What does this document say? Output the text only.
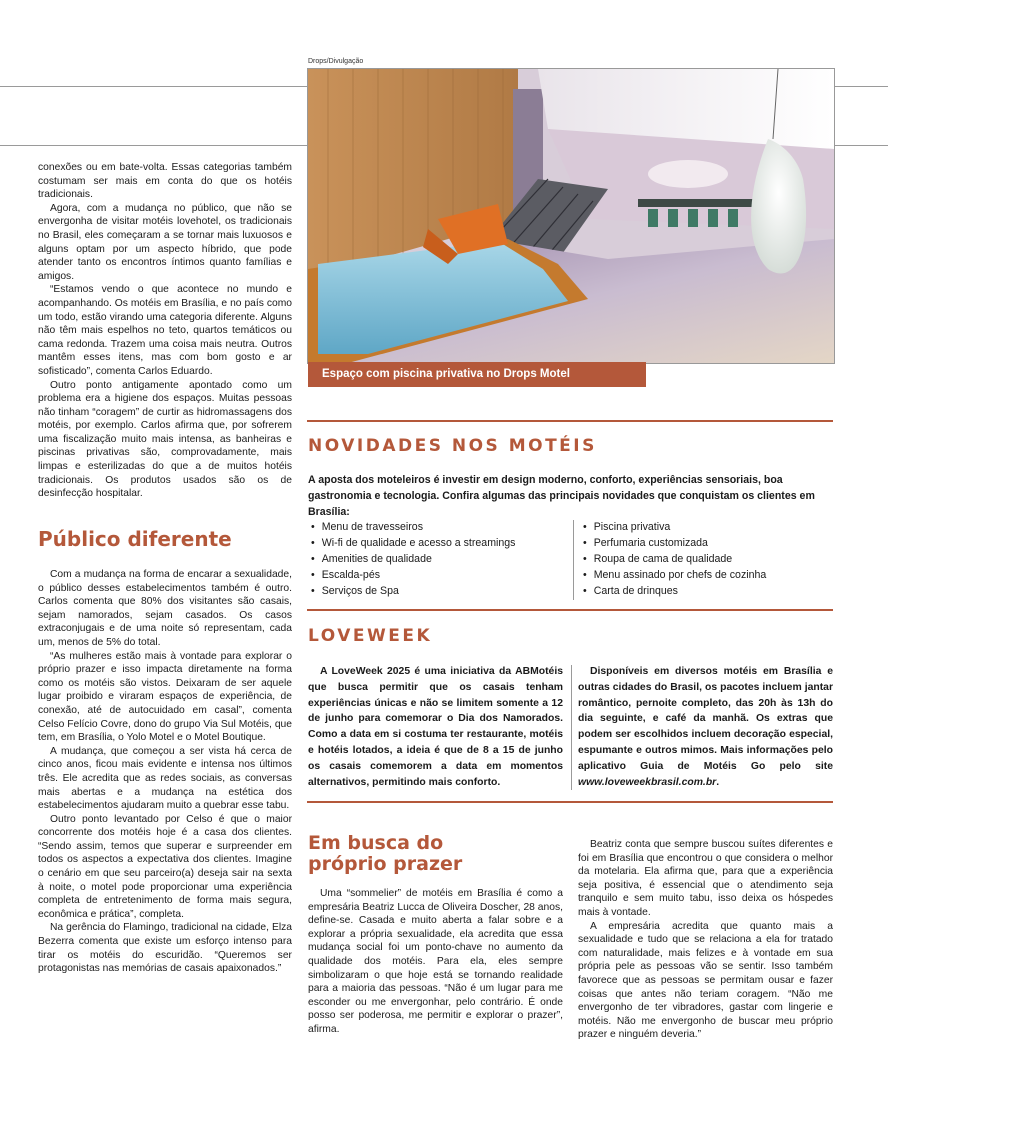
Drops/Divulgação
Espaço com piscina privativa no Drops Motel

conexões ou em bate-volta. Essas categorias também costumam ser mais em conta do que os hotéis tradicionais.

Agora, com a mudança no público, que não se envergonha de visitar motéis lovehotel, os tradicionais no Brasil, eles começaram a se tornar mais luxuosos e alguns optam por um aspecto híbrido, que pode atender tanto os encontros íntimos quanto famílias e amigos.

“Estamos vendo o que acontece no mundo e acompanhando. Os motéis em Brasília, e no país como um todo, estão virando uma categoria diferente. Alguns não têm mais espelhos no teto, quartos temáticos ou cama redonda. Trazem uma coisa mais neutra. Outros mantêm esses itens, mas com bom gosto e ar sofisticado”, comenta Carlos Eduardo.

Outro ponto antigamente apontado como um problema era a higiene dos espaços. Muitas pessoas não tinham “coragem” de curtir as hidromassagens dos motéis, por exemplo. Carlos afirma que, por sofrerem uma fiscalização muito mais intensa, as banheiras e piscinas privativas são, comprovadamente, mais limpas e esterilizadas do que a de muitos hotéis tradicionais. Os produtos usados são os de desinfecção hospitalar.

Público diferente

Com a mudança na forma de encarar a sexualidade, o público desses estabelecimentos também é outro. Carlos comenta que 80% dos visitantes são casais, sejam namorados, sejam casados. Os casos extraconjugais e de uma noite só representam, cada um, menos de 5% do total.

“As mulheres estão mais à vontade para explorar o próprio prazer e isso impacta diretamente na forma como os motéis são vistos. Deixaram de ser aquele lugar proibido e viraram espaços de experiência, de conexão, até de autocuidado em casal”, comenta Celso Felício Covre, dono do grupo Via Sul Motéis, que tem, em Brasília, o Yolo Motel e o Motel Boutique.

A mudança, que começou a ser vista há cerca de cinco anos, ficou mais evidente e intensa nos últimos três. Ele acredita que as redes sociais, as conversas mais abertas e a mudança na estética dos estabelecimentos ajudaram muito a quebrar esse tabu.

Outro ponto levantado por Celso é que o maior concorrente dos motéis hoje é a casa dos clientes. “Sendo assim, temos que superar e surpreender em todos os aspectos a expectativa dos clientes. Imagine o cenário em que seu parceiro(a) deseja sair na sexta à noite, o motel pode proporcionar uma experiência completa de entretenimento de forma mais segura, econômica e prática”, completa.

Na gerência do Flamingo, tradicional na cidade, Elza Bezerra comenta que existe um esforço intenso para tirar os motéis do escuridão. “Queremos ser protagonistas nas memórias de casais apaixonados.”

NOVIDADES NOS MOTÉIS
A aposta dos moteleiros é investir em design moderno, conforto, experiências sensoriais, boa gastronomia e tecnologia. Confira algumas das principais novidades que conquistam os clientes em Brasília:
• Menu de travesseiros
• Wi-fi de qualidade e acesso a streamings
• Amenities de qualidade
• Escalda-pés
• Serviços de Spa
• Piscina privativa
• Perfumaria customizada
• Roupa de cama de qualidade
• Menu assinado por chefs de cozinha
• Carta de drinques
LOVEWEEK
A LoveWeek 2025 é uma iniciativa da ABMotéis que busca permitir que os casais tenham experiências únicas e não se limitem somente a 12 de junho para comemorar o Dia dos Namorados. Como a data em si costuma ter restaurante, motéis e hotéis lotados, a ideia é que de 8 a 15 de junho os casais comemorem a data em momentos alternativos, permitindo mais conforto.
Disponíveis em diversos motéis em Brasília e outras cidades do Brasil, os pacotes incluem jantar romântico, pernoite completo, das 20h às 13h do dia seguinte, e café da manhã. Os extras que podem ser escolhidos incluem decoração especial, espumante e outros mimos. Mais informações pelo aplicativo Guia de Motéis Go pelo site www.loveweekbrasil.com.br.
Em busca do
próprio prazer

Uma “sommelier” de motéis em Brasília é como a empresária Beatriz Lucca de Oliveira Doscher, 28 anos, define-se. Casada e muito aberta a falar sobre e a explorar a própria sexualidade, ela acredita que essa mudança social foi um ponto-chave no aumento da qualidade dos motéis. Para ela, eles sempre simbolizaram o que hoje está se tornando realidade para a maioria das pessoas. “Não é um lugar para me esconder ou me envergonhar, pelo contrário. É onde posso ser poderosa, me permitir e explorar o prazer”, afirma.

Beatriz conta que sempre buscou suítes diferentes e foi em Brasília que encontrou o que considera o melhor da motelaria. Ela afirma que, para que a experiência seja positiva, é essencial que o atendimento seja tranquilo e sem muito tabu, isso deixa os hóspedes mais à vontade.

A empresária acredita que quanto mais a sexualidade e tudo que se relaciona a ela for tratado com naturalidade, mais felizes e à vontade em sua própria pele as pessoas vão se sentir. Isso também favorece que as pessoas se permitam ousar e fazer coisas que antes não teriam coragem. “Não me envergonho de ter vibradores, gastar com lingerie e motéis. Não me envergonho de buscar meu próprio prazer e ninguém deveria.”
